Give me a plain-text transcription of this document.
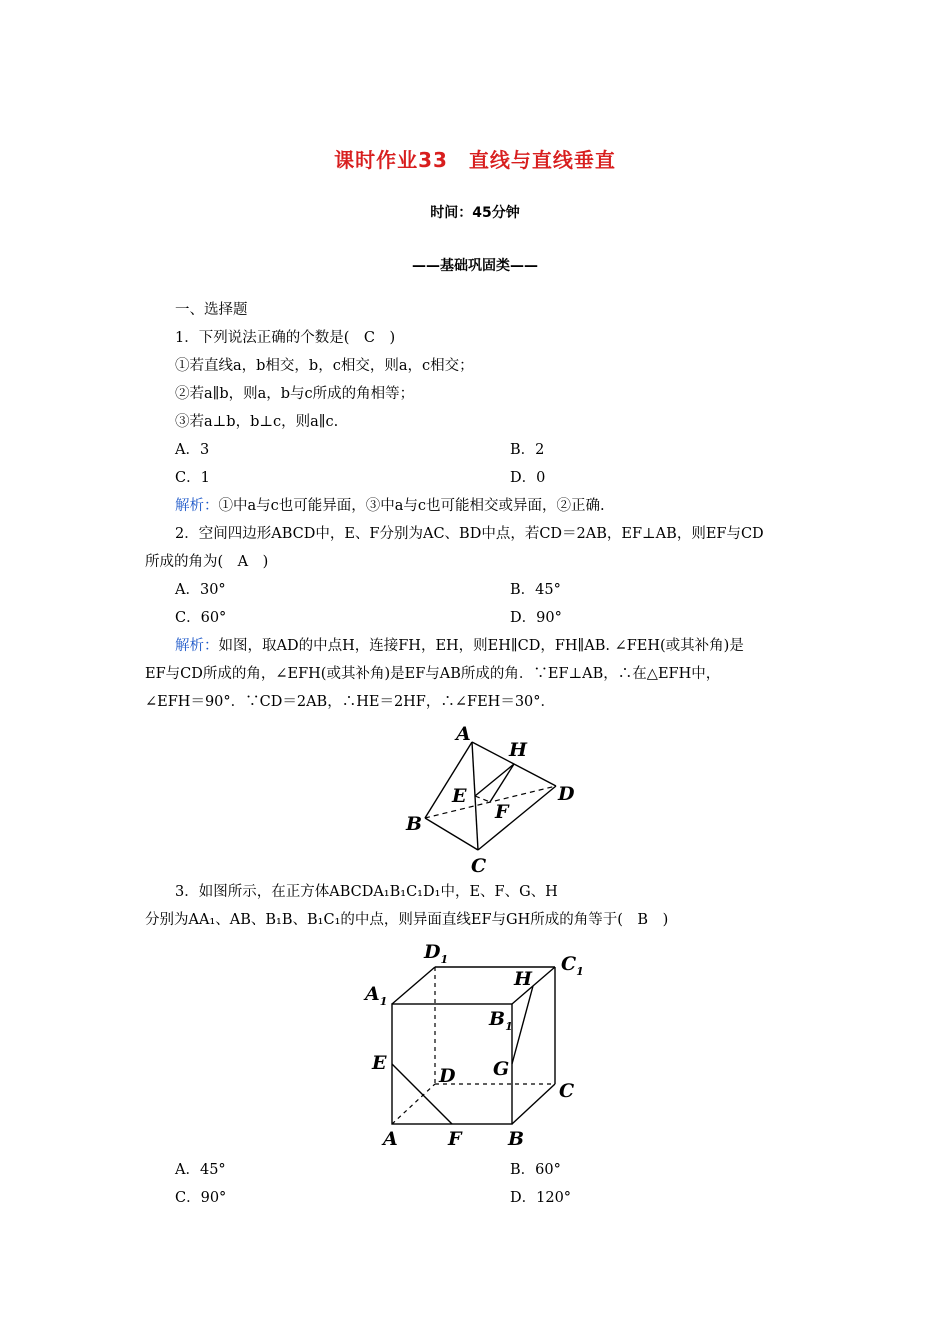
课时作业33　直线与直线垂直
时间：45分钟
——基础巩固类——
一、选择题
1．下列说法正确的个数是(　C　)
①若直线a，b相交，b，c相交，则a，c相交；
②若a∥b，则a，b与c所成的角相等；
③若a⊥b，b⊥c，则a∥c.
A．3	B．2
C．1	D．0
解析：①中a与c也可能异面，③中a与c也可能相交或异面，②正确.
2．空间四边形ABCD中，E、F分别为AC、BD中点，若CD＝2AB，EF⊥AB，则EF与CD
所成的角为(　A　)
A．30°	B．45°
C．60°	D．90°
解析：如图，取AD的中点H，连接FH，EH，则EH∥CD，FH∥AB. ∠FEH(或其补角)是
EF与CD所成的角，∠EFH(或其补角)是EF与AB所成的角．∵EF⊥AB，∴在△EFH中，
∠EFH＝90°．∵CD＝2AB，∴HE＝2HF，∴∠FEH＝30°．
A
H
E
F
D
B
C
3．如图所示，在正方体ABCDA₁B₁C₁D₁中，E、F、G、H
分别为AA₁、AB、B₁B、B₁C₁的中点，则异面直线EF与GH所成的角等于(　B　)
$D_1$	$C_1$
$A_1$
H
$B_1$
E	G
D
C
A	F B
A．45°	B．60°
C．90°	D．120°
